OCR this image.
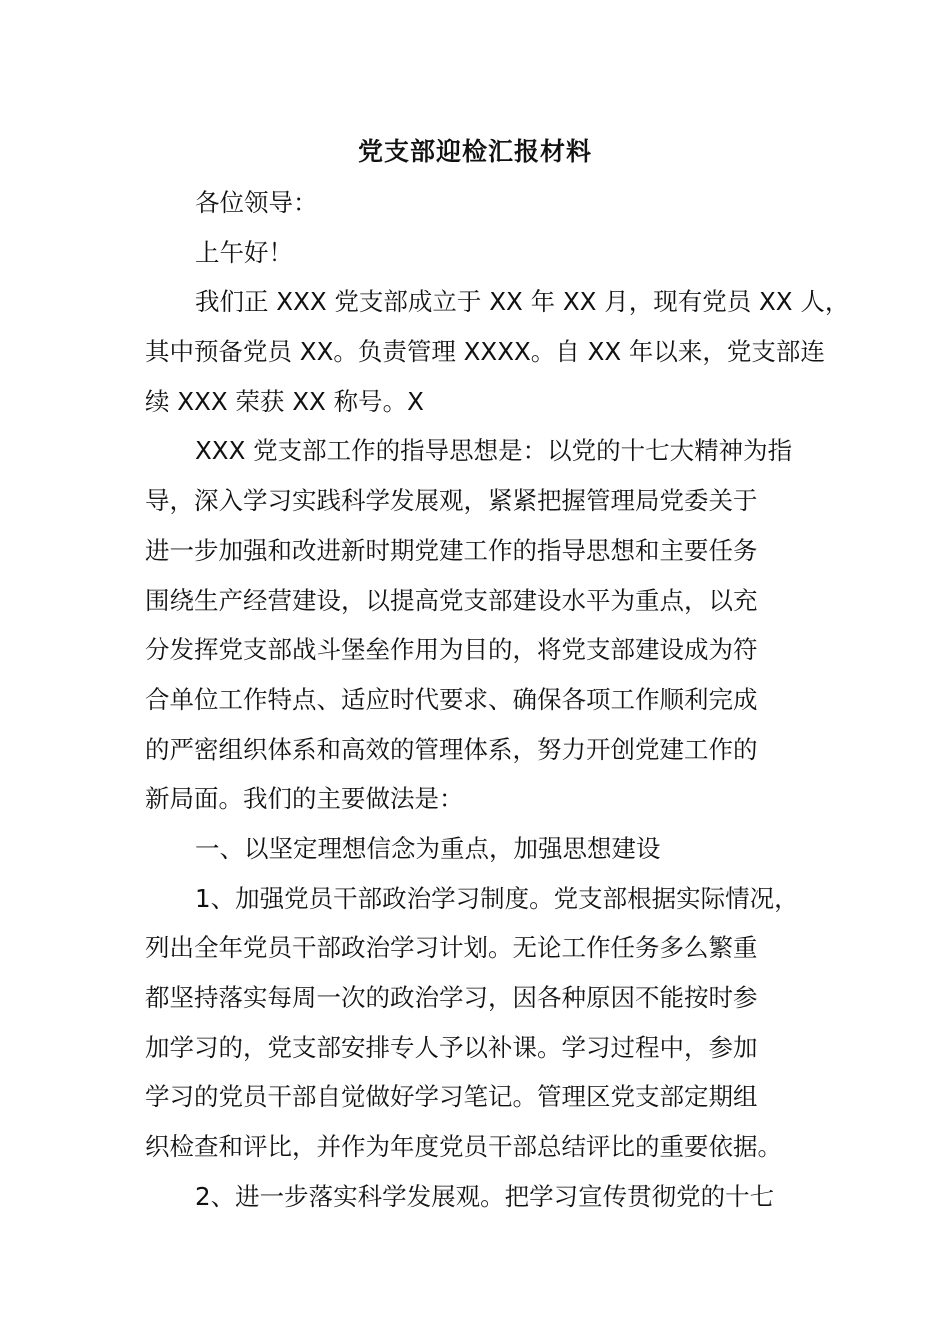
党支部迎检汇报材料
各位领导：
上午好！
我们正 XXX 党支部成立于 XX 年 XX 月，现有党员 XX 人，
其中预备党员 XX。负责管理 XXXX。自 XX 年以来，党支部连
续 XXX 荣获 XX 称号。X
XXX 党支部工作的指导思想是：以党的十七大精神为指
导，深入学习实践科学发展观，紧紧把握管理局党委关于
进一步加强和改进新时期党建工作的指导思想和主要任务
围绕生产经营建设，以提高党支部建设水平为重点，以充
分发挥党支部战斗堡垒作用为目的，将党支部建设成为符
合单位工作特点、适应时代要求、确保各项工作顺利完成
的严密组织体系和高效的管理体系，努力开创党建工作的
新局面。我们的主要做法是：
一、以坚定理想信念为重点，加强思想建设
1、加强党员干部政治学习制度。党支部根据实际情况，
列出全年党员干部政治学习计划。无论工作任务多么繁重
都坚持落实每周一次的政治学习，因各种原因不能按时参
加学习的，党支部安排专人予以补课。学习过程中，参加
学习的党员干部自觉做好学习笔记。管理区党支部定期组
织检查和评比，并作为年度党员干部总结评比的重要依据。
2、进一步落实科学发展观。把学习宣传贯彻党的十七
